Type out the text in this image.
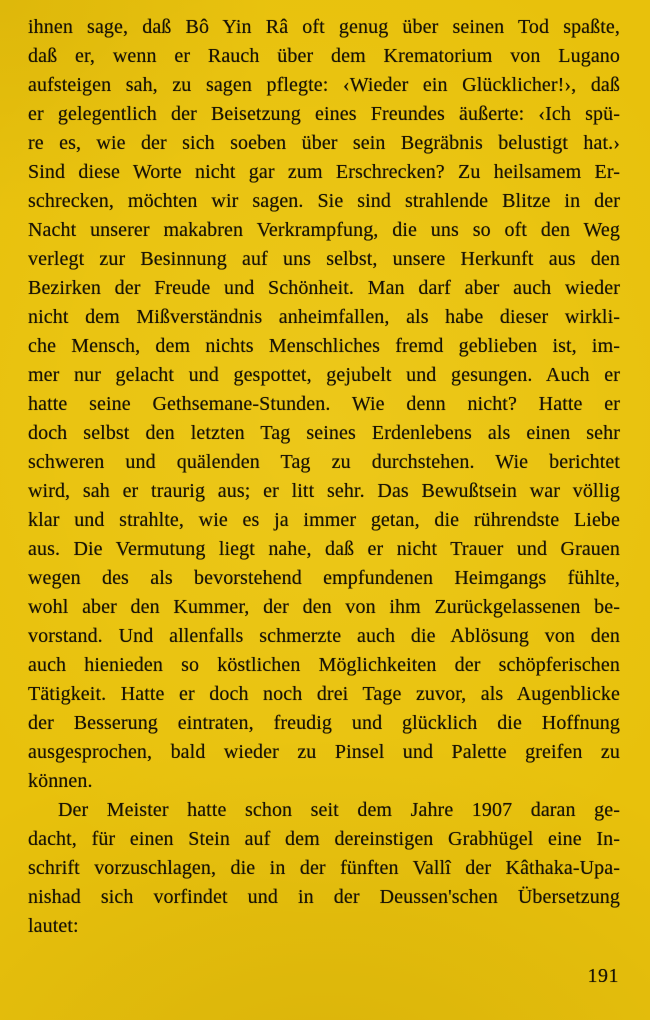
ihnen sage, daß Bô Yin Râ oft genug über seinen Tod spaßte,
daß er, wenn er Rauch über dem Krematorium von Lugano
aufsteigen sah, zu sagen pflegte: ‹Wieder ein Glücklicher!›, daß
er gelegentlich der Beisetzung eines Freundes äußerte: ‹Ich spü-
re es, wie der sich soeben über sein Begräbnis belustigt hat.›
Sind diese Worte nicht gar zum Erschrecken? Zu heilsamem Er-
schrecken, möchten wir sagen. Sie sind strahlende Blitze in der
Nacht unserer makabren Verkrampfung, die uns so oft den Weg
verlegt zur Besinnung auf uns selbst, unsere Herkunft aus den
Bezirken der Freude und Schönheit. Man darf aber auch wieder
nicht dem Mißverständnis anheimfallen, als habe dieser wirkli-
che Mensch, dem nichts Menschliches fremd geblieben ist, im-
mer nur gelacht und gespottet, gejubelt und gesungen. Auch er
hatte seine Gethsemane-Stunden. Wie denn nicht? Hatte er
doch selbst den letzten Tag seines Erdenlebens als einen sehr
schweren und quälenden Tag zu durchstehen. Wie berichtet
wird, sah er traurig aus; er litt sehr. Das Bewußtsein war völlig
klar und strahlte, wie es ja immer getan, die rührendste Liebe
aus. Die Vermutung liegt nahe, daß er nicht Trauer und Grauen
wegen des als bevorstehend empfundenen Heimgangs fühlte,
wohl aber den Kummer, der den von ihm Zurückgelassenen be-
vorstand. Und allenfalls schmerzte auch die Ablösung von den
auch hienieden so köstlichen Möglichkeiten der schöpferischen
Tätigkeit. Hatte er doch noch drei Tage zuvor, als Augenblicke
der Besserung eintraten, freudig und glücklich die Hoffnung
ausgesprochen, bald wieder zu Pinsel und Palette greifen zu
können.
Der Meister hatte schon seit dem Jahre 1907 daran ge-
dacht, für einen Stein auf dem dereinstigen Grabhügel eine In-
schrift vorzuschlagen, die in der fünften Vallî der Kâthaka-Upa-
nishad sich vorfindet und in der Deussen'schen Übersetzung
lautet:
191
